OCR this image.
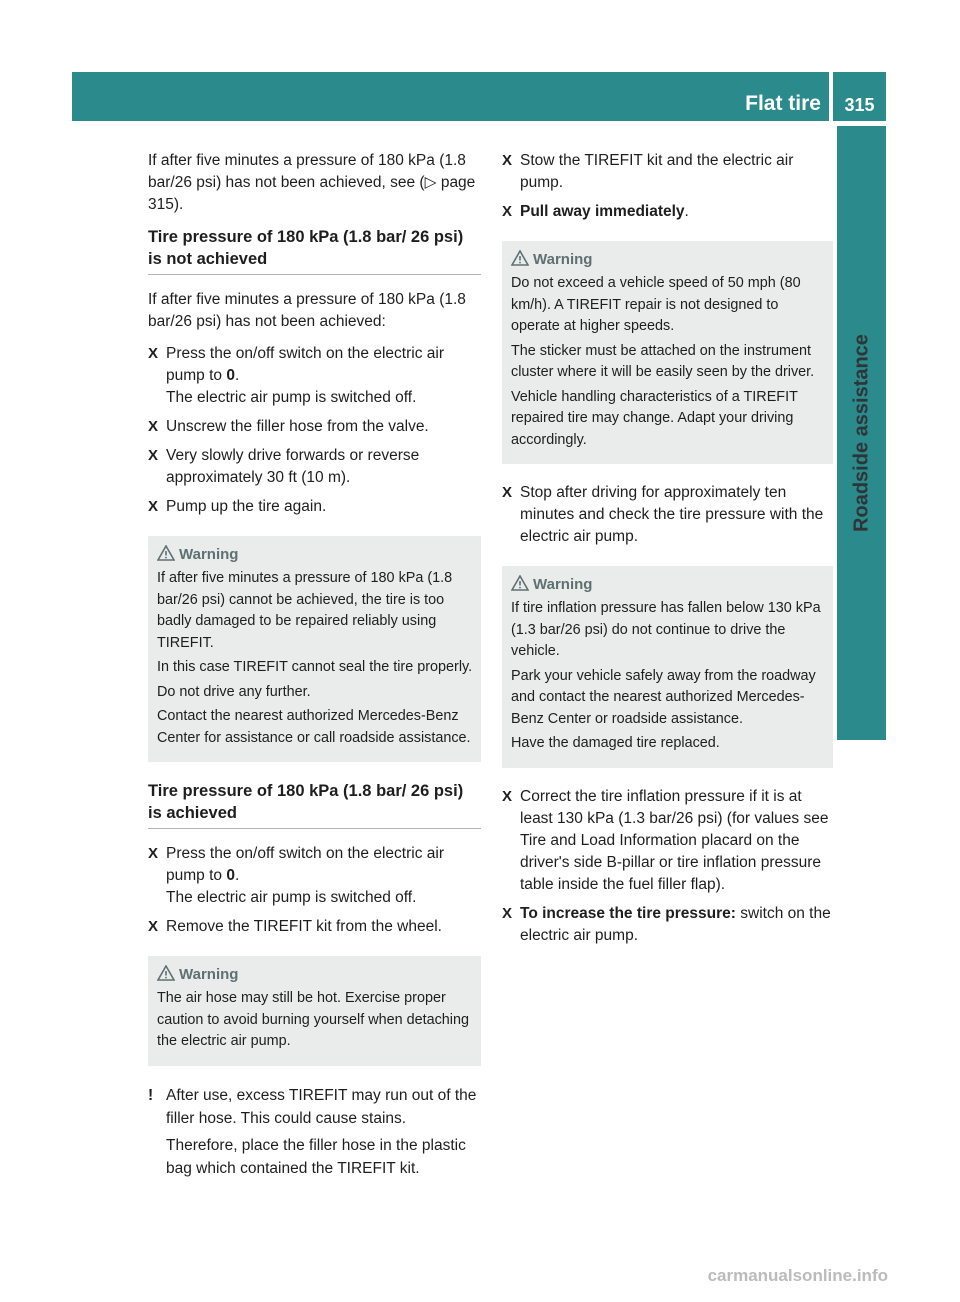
Flat tire	315
Roadside assistance

If after five minutes a pressure of 180 kPa (1.8 bar/26 psi) has not been achieved, see (▷ page 315).

Tire pressure of 180 kPa (1.8 bar/ 26 psi) is not achieved

If after five minutes a pressure of 180 kPa (1.8 bar/26 psi) has not been achieved:

X Press the on/off switch on the electric air pump to 0.
The electric air pump is switched off.
X Unscrew the filler hose from the valve.
X Very slowly drive forwards or reverse approximately 30 ft (10 m).
X Pump up the tire again.
Warning

If after five minutes a pressure of 180 kPa (1.8 bar/26 psi) cannot be achieved, the tire is too badly damaged to be repaired reliably using TIREFIT.

In this case TIREFIT cannot seal the tire properly.

Do not drive any further.

Contact the nearest authorized Mercedes-Benz Center for assistance or call roadside assistance.

Tire pressure of 180 kPa (1.8 bar/ 26 psi) is achieved
X Press the on/off switch on the electric air pump to 0.
The electric air pump is switched off.
X Remove the TIREFIT kit from the wheel.
Warning

The air hose may still be hot. Exercise proper caution to avoid burning yourself when detaching the electric air pump.

! After use, excess TIREFIT may run out of the filler hose. This could cause stains.

Therefore, place the filler hose in the plastic bag which contained the TIREFIT kit.

X Stow the TIREFIT kit and the electric air pump.
X Pull away immediately.
Warning

Do not exceed a vehicle speed of 50 mph (80 km/h). A TIREFIT repair is not designed to operate at higher speeds.

The sticker must be attached on the instrument cluster where it will be easily seen by the driver.

Vehicle handling characteristics of a TIREFIT repaired tire may change. Adapt your driving accordingly.

X Stop after driving for approximately ten minutes and check the tire pressure with the electric air pump.
Warning

If tire inflation pressure has fallen below 130 kPa (1.3 bar/26 psi) do not continue to drive the vehicle.

Park your vehicle safely away from the roadway and contact the nearest authorized Mercedes-Benz Center or roadside assistance.

Have the damaged tire replaced.

X Correct the tire inflation pressure if it is at least 130 kPa (1.3 bar/26 psi) (for values see Tire and Load Information placard on the driver's side B-pillar or tire inflation pressure table inside the fuel filler flap).
X To increase the tire pressure: switch on the electric air pump.
carmanualsonline.info
